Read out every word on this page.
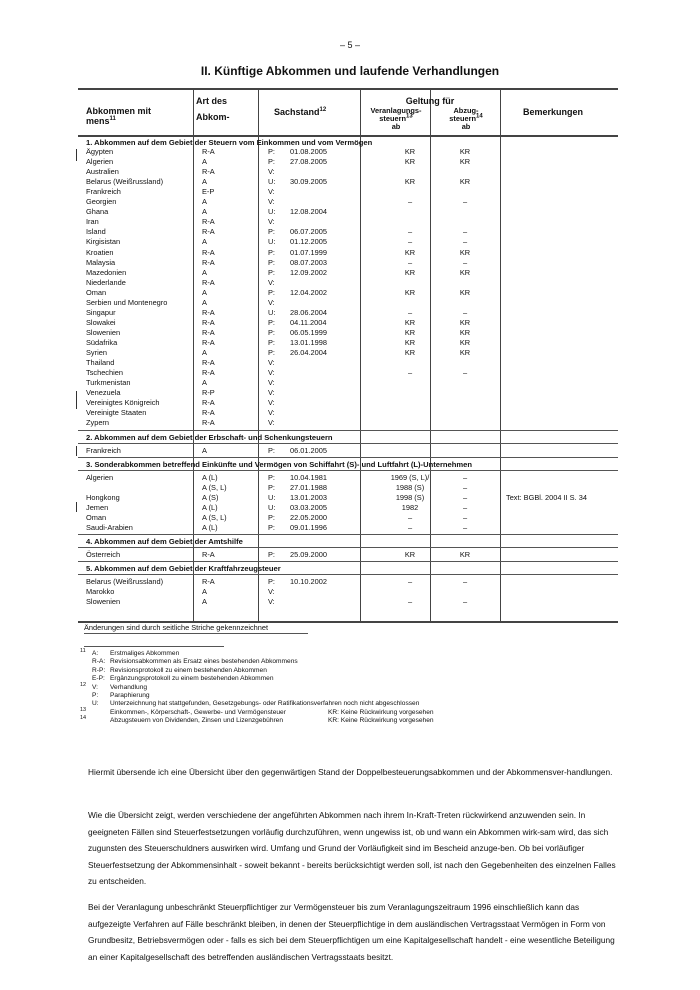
– 5 –
II. Künftige Abkommen und laufende Verhandlungen
Abkommen mit
mens$^{11}$
Art des
Abkom-	Sachstand$^{12}$
Geltung für
Veranlagungs-
steuern$^{13}$
ab
Abzug-
steuern$^{14}$
ab
Bemerkungen
1. Abkommen auf dem Gebiet der Steuern vom Einkommen und vom Vermögen
Ägypten	R-A	P: 01.08.2005	KR	KR
Algerien	A	P: 27.08.2005	KR	KR
Australien	R-A	V:
Belarus (Weißrussland)	A	U: 30.09.2005	KR	KR
Frankreich	E-P	V:
Georgien	A	V:	–	–
Ghana	A	U: 12.08.2004
Iran	R-A	V:
Island	R-A	P: 06.07.2005	–	–
Kirgisistan	A	U: 01.12.2005	–	–
Kroatien	R-A	P: 01.07.1999	KR	KR
Malaysia	R-A	P: 08.07.2003	–	–
Mazedonien	A	P: 12.09.2002	KR	KR
Niederlande	R-A	V:
Oman	A	P: 12.04.2002	KR	KR
Serbien und Montenegro	A	V:
Singapur	R-A	U: 28.06.2004	–	–
Slowakei	R-A	P: 04.11.2004	KR	KR
Slowenien	R-A	P: 06.05.1999	KR	KR
Südafrika	R-A	P: 13.01.1998	KR	KR
Syrien	A	P: 26.04.2004	KR	KR
Thailand	R-A	V:
Tschechien	R-A	V:	–	–
Turkmenistan	A	V:
Venezuela	R-P	V:
Vereinigtes Königreich	R-A	V:
Vereinigte Staaten	R-A	V:
Zypern	R-A	V:
2. Abkommen auf dem Gebiet der Erbschaft- und Schenkungsteuern
Frankreich	A	P: 06.01.2005
3. Sonderabkommen betreffend Einkünfte und Vermögen von Schiffahrt (S)- und Luftfahrt (L)-Unternehmen
Algerien	A (L)	P: 10.04.1981	1969 (S, L)/	–
A (S, L)	P: 27.01.1988	1988 (S)	–
Hongkong	A (S)	U: 13.01.2003	1998 (S)	–	Text: BGBl. 2004 II S. 34
Jemen	A (L)	U: 03.03.2005	1982	–
Oman	A (S, L)	P: 22.05.2000	–	–
Saudi-Arabien	A (L)	P: 09.01.1996	–	–
4. Abkommen auf dem Gebiet der Amtshilfe
Österreich	R-A	P: 25.09.2000	KR	KR
5. Abkommen auf dem Gebiet der Kraftfahrzeugsteuer
Belarus (Weißrussland)	R-A	P: 10.10.2002	–	–
Marokko	A	V:
Slowenien	A	V:	–	–
Änderungen sind durch seitliche Striche gekennzeichnet
11 A: Erstmaliges Abkommen
R-A: Revisionsabkommen als Ersatz eines bestehenden Abkommens
R-P: Revisionsprotokoll zu einem bestehenden Abkommen
E-P: Ergänzungsprotokoll zu einem bestehenden Abkommen
12 V: Verhandlung
P: Paraphierung
U: Unterzeichnung hat stattgefunden, Gesetzgebungs- oder Ratifikationsverfahren noch nicht abgeschlossen
13	Einkommen-, Körperschaft-, Gewerbe- und Vermögensteuer	KR: Keine Rückwirkung vorgesehen
14	Abzugsteuern von Dividenden, Zinsen und Lizenzgebühren	KR: Keine Rückwirkung vorgesehen
Hiermit übersende ich eine Übersicht über den gegenwärtigen Stand der Doppelbesteuerungsabkommen und der Abkommensver-handlungen.
Wie die Übersicht zeigt, werden verschiedene der angeführten Abkommen nach ihrem In-Kraft-Treten rückwirkend anzuwenden sein. In geeigneten Fällen sind Steuerfestsetzungen vorläufig durchzuführen, wenn ungewiss ist, ob und wann ein Abkommen wirk-sam wird, das sich zugunsten des Steuerschuldners auswirken wird. Umfang und Grund der Vorläufigkeit sind im Bescheid anzuge-ben. Ob bei vorläufiger Steuerfestsetzung der Abkommensinhalt - soweit bekannt - bereits berücksichtigt werden soll, ist nach den Gegebenheiten des einzelnen Falles zu entscheiden.
Bei der Veranlagung unbeschränkt Steuerpflichtiger zur Vermögensteuer bis zum Veranlagungszeitraum 1996 einschließlich kann das aufgezeigte Verfahren auf Fälle beschränkt bleiben, in denen der Steuerpflichtige in dem ausländischen Vertragsstaat Vermögen in Form von Grundbesitz, Betriebsvermögen oder - falls es sich bei dem Steuerpflichtigen um eine Kapitalgesellschaft handelt - eine wesentliche Beteiligung an einer Kapitalgesellschaft des betreffenden ausländischen Vertragsstaats besitzt.
